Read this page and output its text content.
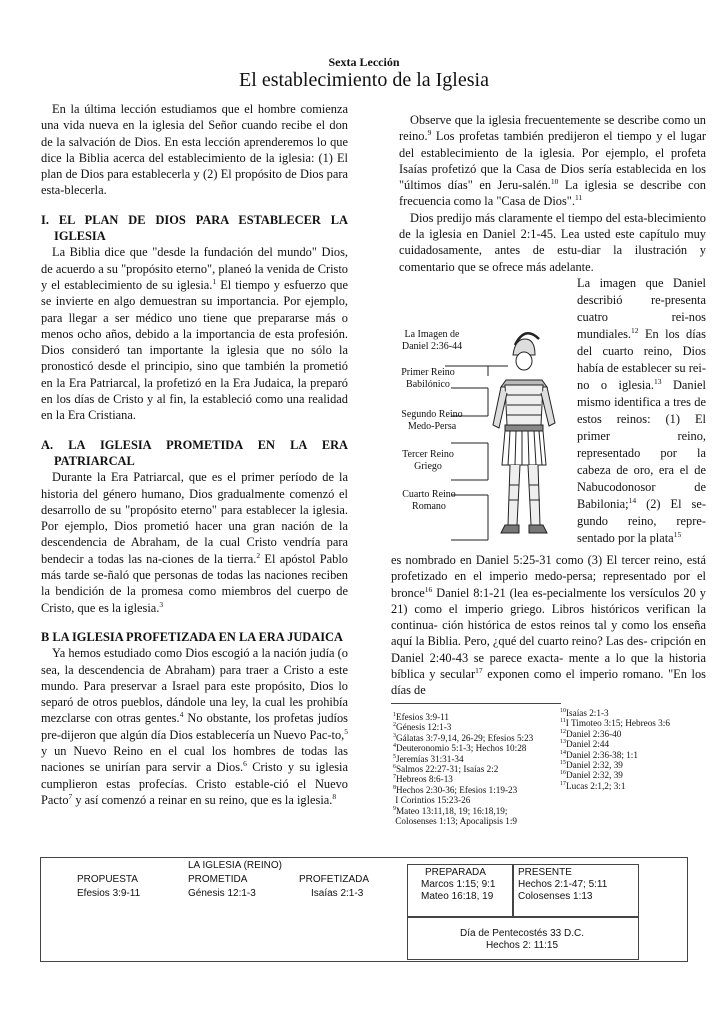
Sexta Lección
El establecimiento de la Iglesia

En la última lección estudiamos que el hombre comienza una vida nueva en la iglesia del Señor cuando recibe el don de la salvación de Dios. En esta lección aprenderemos lo que dice la Biblia acerca del establecimiento de la iglesia: (1) El plan de Dios para establecerla y (2) El propósito de Dios para esta-blecerla.

I. EL PLAN DE DIOS PARA ESTABLECER LA IGLESIA

La Biblia dice que "desde la fundación del mundo" Dios, de acuerdo a su "propósito eterno", planeó la venida de Cristo y el establecimiento de su iglesia.$^1$ El tiempo y esfuerzo que se invierte en algo demuestran su importancia. Por ejemplo, para llegar a ser médico uno tiene que prepararse más o menos ocho años, debido a la importancia de esta profesión. Dios consideró tan importante la iglesia que no sólo la pronosticó desde el principio, sino que también la prometió en la Era Patriarcal, la profetizó en la Era Judaica, la preparó en los días de Cristo y al fin, la estableció como una realidad en la Era Cristiana.

A. LA IGLESIA PROMETIDA EN LA ERA PATRIARCAL

Durante la Era Patriarcal, que es el primer período de la historia del género humano, Dios gradualmente comenzó el desarrollo de su "propósito eterno" para establecer la iglesia. Por ejemplo, Dios prometió hacer una gran nación de la descendencia de Abraham, de la cual Cristo vendría para bendecir a todas las na-ciones de la tierra.$^2$ El apóstol Pablo más tarde se-ñaló que personas de todas las naciones reciben la bendición de la promesa como miembros del cuerpo de Cristo, que es la iglesia.$^3$

B LA IGLESIA PROFETIZADA EN LA ERA JUDAICA

Ya hemos estudiado como Dios escogió a la nación judía (o sea, la descendencia de Abraham) para traer a Cristo a este mundo. Para preservar a Israel para este propósito, Dios lo separó de otros pueblos, dándole una ley, la cual les prohibía mezclarse con otras gentes.$^4$ No obstante, los profetas judíos pre-dijeron que algún día Dios establecería un Nuevo Pac-to,$^5$ y un Nuevo Reino en el cual los hombres de todas las naciones se unirían para servir a Dios.$^6$ Cristo y su iglesia cumplieron estas profecías. Cristo estable-ció el Nuevo Pacto$^7$ y así comenzó a reinar en su reino, que es la iglesia.$^8$

Observe que la iglesia frecuentemente se describe como un reino.$^9$ Los profetas también predijeron el tiempo y el lugar del establecimiento de la iglesia. Por ejemplo, el profeta Isaías profetizó que la Casa de Dios sería establecida en los "últimos días" en Jeru-salén.$^{10}$ La iglesia se describe con frecuencia como la "Casa de Dios".$^{11}$

Dios predijo más claramente el tiempo del esta-blecimiento de la iglesia en Daniel 2:1-45. Lea usted este capítulo muy cuidadosamente, antes de estu-diar la ilustración y comentario que se ofrece más adelante.

La Imagen de
Daniel 2:36-44
Primer Reino
Babilónico
Segundo Reino
Medo-Persa
Tercer Reino
Griego
Cuarto Reino
Romano
La imagen que Daniel describió re-presenta cuatro rei-nos mundiales.$^{12}$ En los días del cuarto reino, Dios había de establecer su rei-no o iglesia.$^{13}$ Daniel mismo identifica a tres de estos reinos: (1) El primer reino, representado por la cabeza de oro, era el de Nabucodonosor de Babilonia;$^{14}$ (2) El se-gundo reino, repre-sentado por la plata$^{15}$
es nombrado en Daniel 5:25-31 como (3) El tercer reino, está profetizado en el imperio medo-persa; representado por el bronce$^{16}$ Daniel 8:1-21 (lea es-pecialmente los versículos 20 y 21) como el imperio griego. Libros históricos verifican la continua- ción histórica de estos reinos tal y como los enseña aquí la Biblia. Pero, ¿qué del cuarto reino? Las des- cripción en Daniel 2:40-43 se parece exacta- mente a lo que la historia bíblica y secular$^{17}$ exponen como el imperio romano. "En los días de
$^1$Efesios 3:9-11
$^2$Génesis 12:1-3
$^3$Gálatas 3:7-9,14, 26-29; Efesios 5:23
$^4$Deuteronomio 5:1-3; Hechos 10:28
$^5$Jeremías 31:31-34
$^6$Salmos 22:27-31; Isaías 2:2
$^7$Hebreos 8:6-13
$^8$Hechos 2:30-36; Efesios 1:19-23
I Corintios 15:23-26
$^9$Mateo 13:11,18, 19; 16:18,19;
Colosenses 1:13; Apocalipsis 1:9
$^{10}$Isaías 2:1-3
$^{11}$I Timoteo 3:15; Hebreos 3:6
$^{12}$Daniel 2:36-40
$^{13}$Daniel 2:44
$^{14}$Daniel 2:36-38; 1:1
$^{15}$Daniel 2:32, 39
$^{16}$Daniel 2:32, 39
$^{17}$Lucas 2:1,2; 3:1
LA IGLESIA (REINO)
PROPUESTA
Efesios 3:9-11
PROMETIDA
Génesis 12:1-3
PROFETIZADA
Isaías 2:1-3
PREPARADA
Marcos 1:15; 9:1
Mateo 16:18, 19
PRESENTE
Hechos 2:1-47; 5:11
Colosenses 1:13
Día de Pentecostés 33 D.C.
Hechos 2: 11:15
